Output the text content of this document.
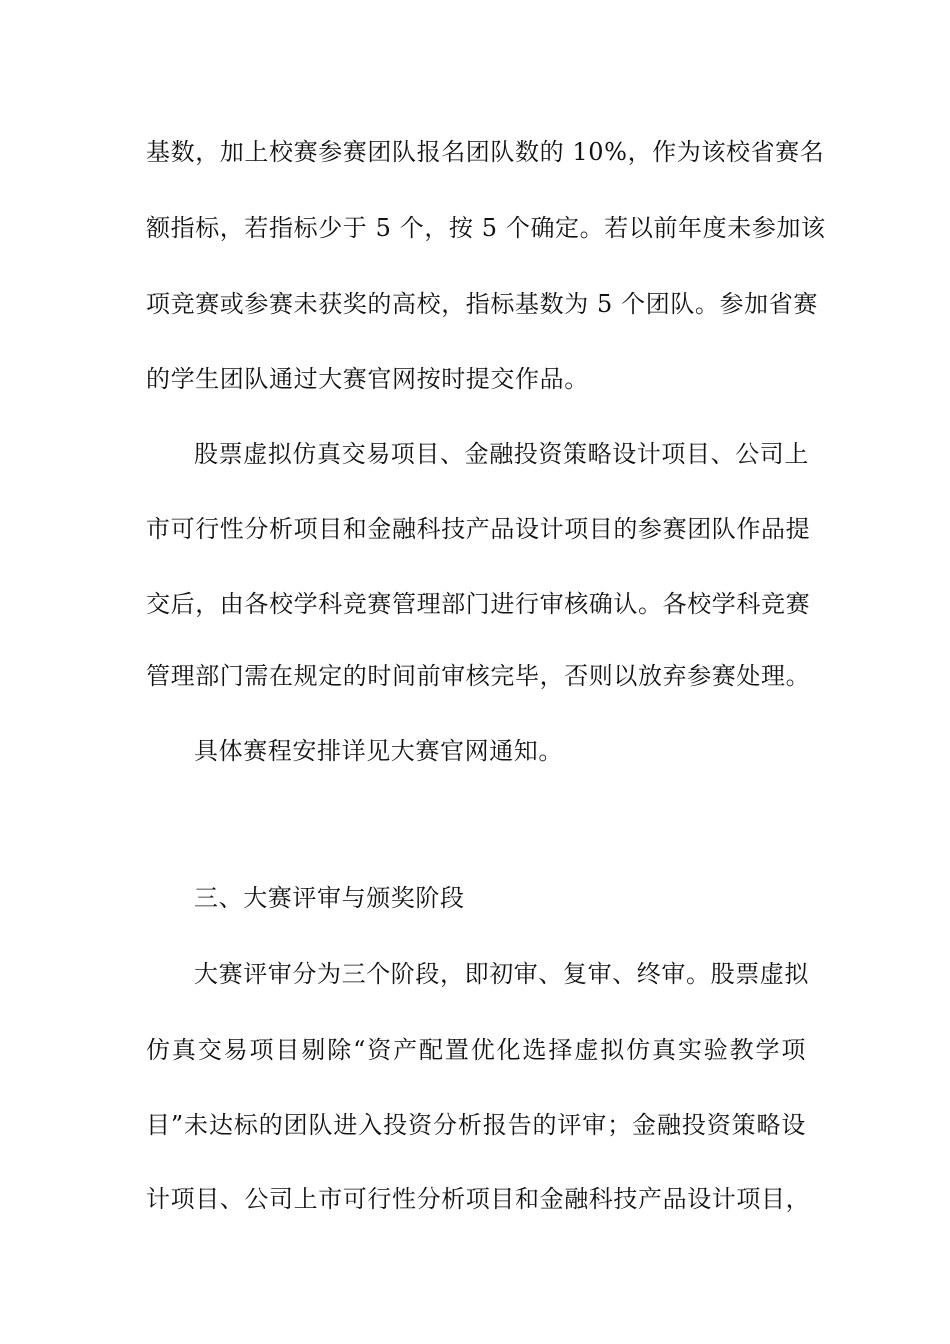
基数，加上校赛参赛团队报名团队数的 10%，作为该校省赛名
额指标，若指标少于 5 个，按 5 个确定。若以前年度未参加该
项竞赛或参赛未获奖的高校，指标基数为 5 个团队。参加省赛
的学生团队通过大赛官网按时提交作品。
股票虚拟仿真交易项目、金融投资策略设计项目、公司上
市可行性分析项目和金融科技产品设计项目的参赛团队作品提
交后，由各校学科竞赛管理部门进行审核确认。各校学科竞赛
管理部门需在规定的时间前审核完毕，否则以放弃参赛处理。
具体赛程安排详见大赛官网通知。
三、大赛评审与颁奖阶段
大赛评审分为三个阶段，即初审、复审、终审。股票虚拟
仿真交易项目剔除“资产配置优化选择虚拟仿真实验教学项
目”未达标的团队进入投资分析报告的评审；金融投资策略设
计项目、公司上市可行性分析项目和金融科技产品设计项目，
